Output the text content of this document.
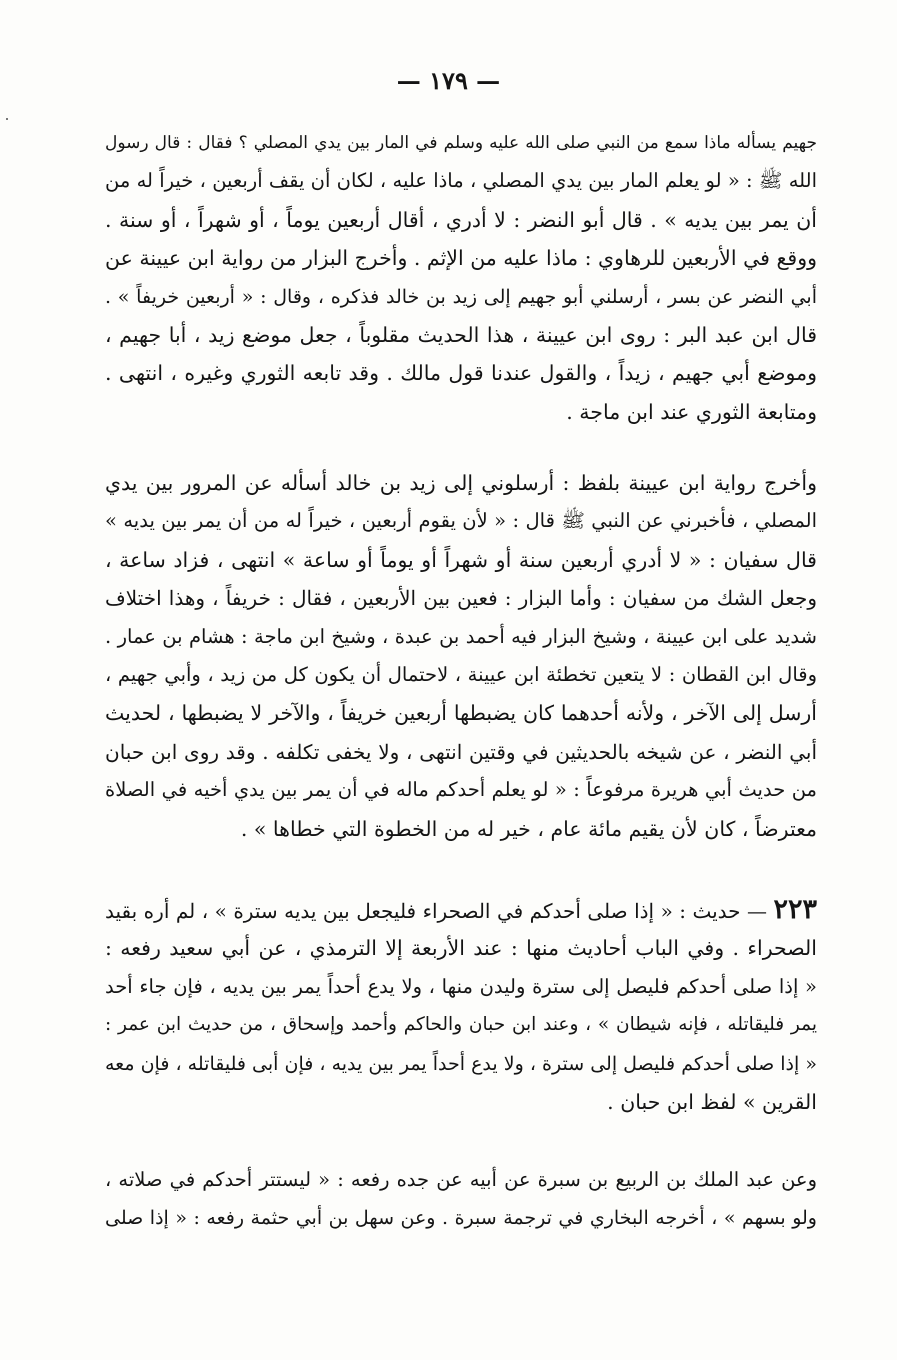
— ١٧٩ —
جهيم يسأله ماذا سمع من النبي صلى الله عليه وسلم في المار بين يدي المصلي ؟ فقال : قال رسول
الله ﷺ : « لو يعلم المار بين يدي المصلي ، ماذا عليه ، لكان أن يقف أربعين ، خيراً له من
أن يمر بين يديه » . قال أبو النضر : لا أدري ، أقال أربعين يوماً ، أو شهراً ، أو سنة .
ووقع في الأربعين للرهاوي : ماذا عليه من الإثم . وأخرج البزار من رواية ابن عيينة عن
أبي النضر عن بسر ، أرسلني أبو جهيم إلى زيد بن خالد فذكره ، وقال : « أربعين خريفاً » .
قال ابن عبد البر : روى ابن عيينة ، هذا الحديث مقلوباً ، جعل موضع زيد ، أبا جهيم ،
وموضع أبي جهيم ، زيداً ، والقول عندنا قول مالك . وقد تابعه الثوري وغيره ، انتهى .
ومتابعة الثوري عند ابن ماجة .
وأخرج رواية ابن عيينة بلفظ : أرسلوني إلى زيد بن خالد أسأله عن المرور بين يدي
المصلي ، فأخبرني عن النبي ﷺ قال : « لأن يقوم أربعين ، خيراً له من أن يمر بين يديه »
قال سفيان : « لا أدري أربعين سنة أو شهراً أو يوماً أو ساعة » انتهى ، فزاد ساعة ،
وجعل الشك من سفيان : وأما البزار : فعين بين الأربعين ، فقال : خريفاً ، وهذا اختلاف
شديد على ابن عيينة ، وشيخ البزار فيه أحمد بن عبدة ، وشيخ ابن ماجة : هشام بن عمار .
وقال ابن القطان : لا يتعين تخطئة ابن عيينة ، لاحتمال أن يكون كل من زيد ، وأبي جهيم ،
أرسل إلى الآخر ، ولأنه أحدهما كان يضبطها أربعين خريفاً ، والآخر لا يضبطها ، لحديث
أبي النضر ، عن شيخه بالحديثين في وقتين انتهى ، ولا يخفى تكلفه . وقد روى ابن حبان
من حديث أبي هريرة مرفوعاً : « لو يعلم أحدكم ماله في أن يمر بين يدي أخيه في الصلاة
معترضاً ، كان لأن يقيم مائة عام ، خير له من الخطوة التي خطاها » .
٢٢٣ — حديث : « إذا صلى أحدكم في الصحراء فليجعل بين يديه سترة » ، لم أره بقيد
الصحراء . وفي الباب أحاديث منها : عند الأربعة إلا الترمذي ، عن أبي سعيد رفعه :
« إذا صلى أحدكم فليصل إلى سترة وليدن منها ، ولا يدع أحداً يمر بين يديه ، فإن جاء أحد
يمر فليقاتله ، فإنه شيطان » ، وعند ابن حبان والحاكم وأحمد وإسحاق ، من حديث ابن عمر :
« إذا صلى أحدكم فليصل إلى سترة ، ولا يدع أحداً يمر بين يديه ، فإن أبى فليقاتله ، فإن معه
القرين » لفظ ابن حبان .
وعن عبد الملك بن الربيع بن سبرة عن أبيه عن جده رفعه : « ليستتر أحدكم في صلاته ،
ولو بسهم » ، أخرجه البخاري في ترجمة سبرة . وعن سهل بن أبي حثمة رفعه : « إذا صلى
